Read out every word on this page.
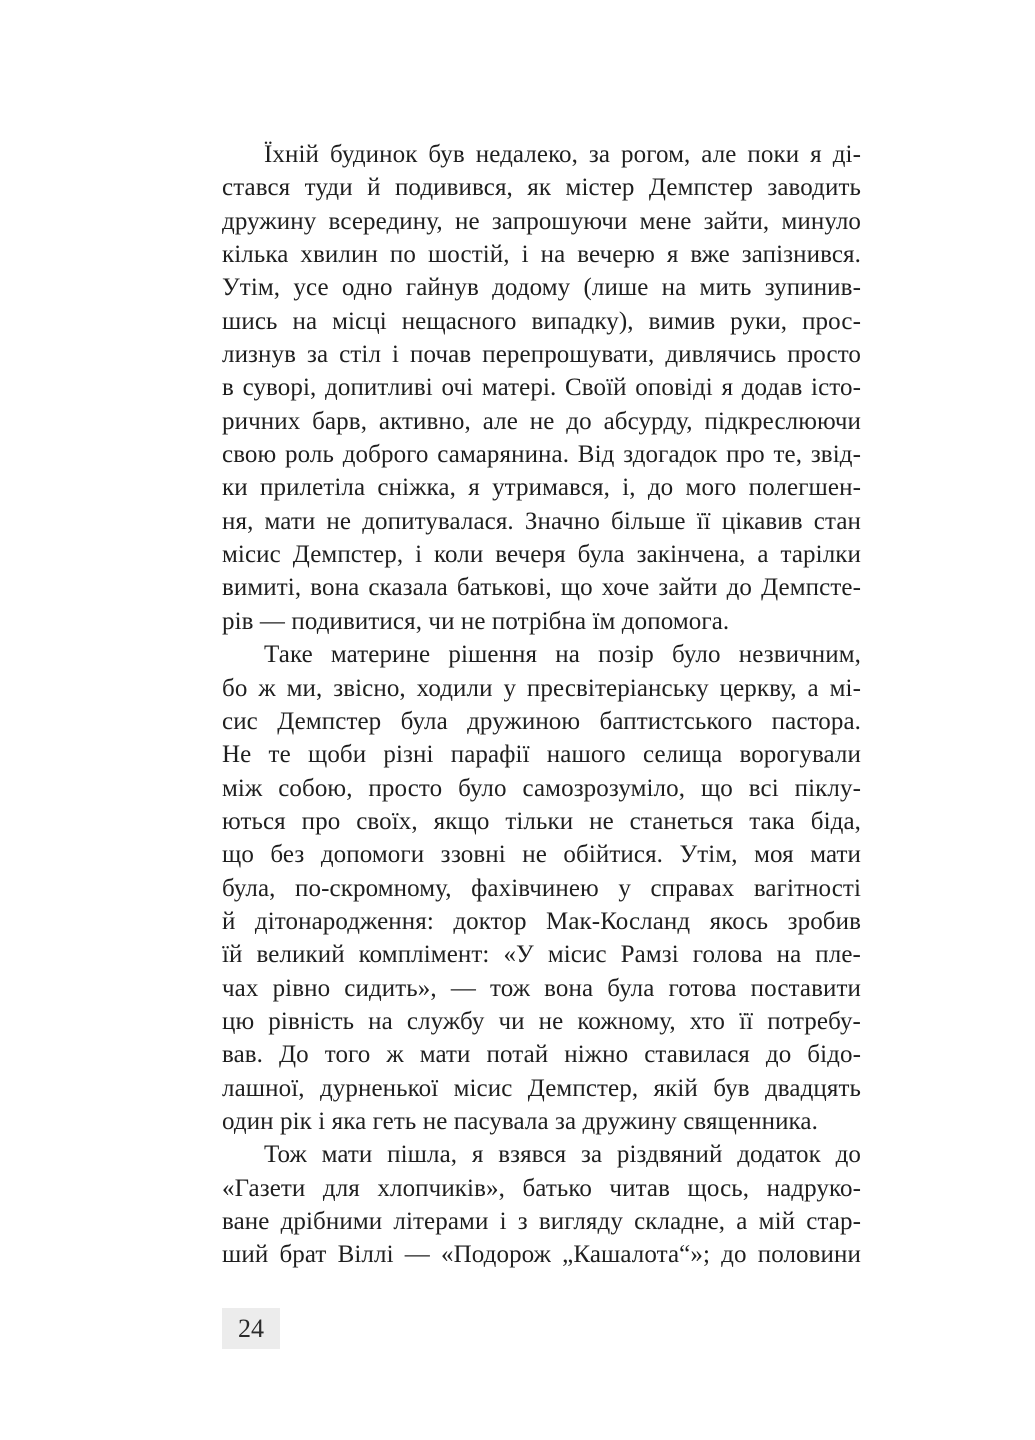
Їхній будинок був недалеко, за рогом, але поки я ді-
стався туди й подивився, як містер Демпстер заводить
дружину всередину, не запрошуючи мене зайти, минуло
кілька хвилин по шостій, і на вечерю я вже запізнився.
Утім, усе одно гайнув додому (лише на мить зупинив-
шись на місці нещасного випадку), вимив руки, прос-
лизнув за стіл і почав перепрошувати, дивлячись просто
в суворі, допитливі очі матері. Своїй оповіді я додав істо-
ричних барв, активно, але не до абсурду, підкреслюючи
свою роль доброго самарянина. Від здогадок про те, звід-
ки прилетіла сніжка, я утримався, і, до мого полегшен-
ня, мати не допитувалася. Значно більше її цікавив стан
місис Демпстер, і коли вечеря була закінчена, а тарілки
вимиті, вона сказала батькові, що хоче зайти до Демпсте-
рів — подивитися, чи не потрібна їм допомога.
Таке материне рішення на позір було незвичним,
бо ж ми, звісно, ходили у пресвітеріанську церкву, а мі-
сис Демпстер була дружиною баптистського пастора.
Не те щоби різні парафії нашого селища ворогували
між собою, просто було самозрозуміло, що всі піклу-
ються про своїх, якщо тільки не станеться така біда,
що без допомоги ззовні не обійтися. Утім, моя мати
була, по-скромному, фахівчинею у справах вагітності
й дітонародження: доктор Мак-Косланд якось зробив
їй великий комплімент: «У місис Рамзі голова на пле-
чах рівно сидить», — тож вона була готова поставити
цю рівність на службу чи не кожному, хто її потребу-
вав. До того ж мати потай ніжно ставилася до бідо-
лашної, дурненької місис Демпстер, якій був двадцять
один рік і яка геть не пасувала за дружину священника.
Тож мати пішла, я взявся за різдвяний додаток до
«Газети для хлопчиків», батько читав щось, надруко-
ване дрібними літерами і з вигляду складне, а мій стар-
ший брат Віллі — «Подорож „Кашалота“»; до половини
24
